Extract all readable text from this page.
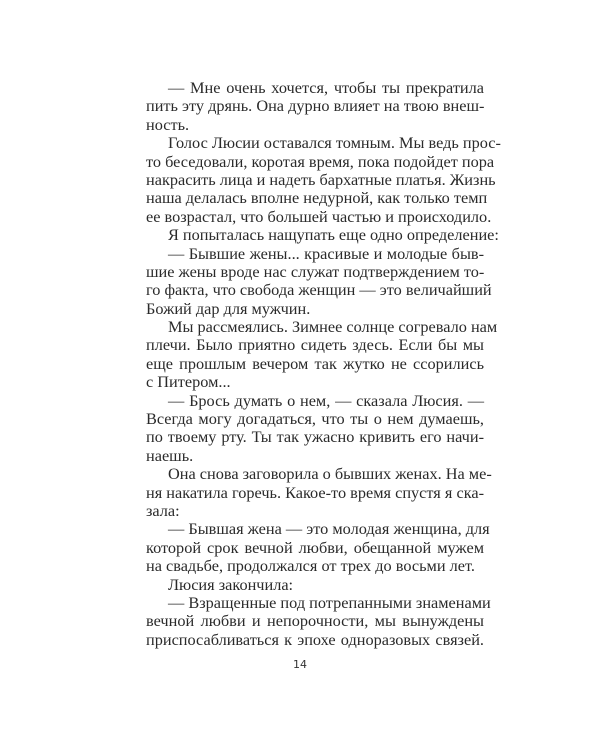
— Мне очень хочется, чтобы ты прекратила
пить эту дрянь. Она дурно влияет на твою внеш-
ность.
Голос Люсии оставался томным. Мы ведь прос-
то беседовали, коротая время, пока подойдет пора
накрасить лица и надеть бархатные платья. Жизнь
наша делалась вполне недурной, как только темп
ее возрастал, что большей частью и происходило.
Я попыталась нащупать еще одно определение:
— Бывшие жены... красивые и молодые быв-
шие жены вроде нас служат подтверждением то-
го факта, что свобода женщин — это величайший
Божий дар для мужчин.
Мы рассмеялись. Зимнее солнце согревало нам
плечи. Было приятно сидеть здесь. Если бы мы
еще прошлым вечером так жутко не ссорились
с Питером...
— Брось думать о нем, — сказала Люсия. —
Всегда могу догадаться, что ты о нем думаешь,
по твоему рту. Ты так ужасно кривить его начи-
наешь.
Она снова заговорила о бывших женах. На ме-
ня накатила горечь. Какое-то время спустя я ска-
зала:
— Бывшая жена — это молодая женщина, для
которой срок вечной любви, обещанной мужем
на свадьбе, продолжался от трех до восьми лет.
Люсия закончила:
— Взращенные под потрепанными знаменами
вечной любви и непорочности, мы вынуждены
приспосабливаться к эпохе одноразовых связей.
14
